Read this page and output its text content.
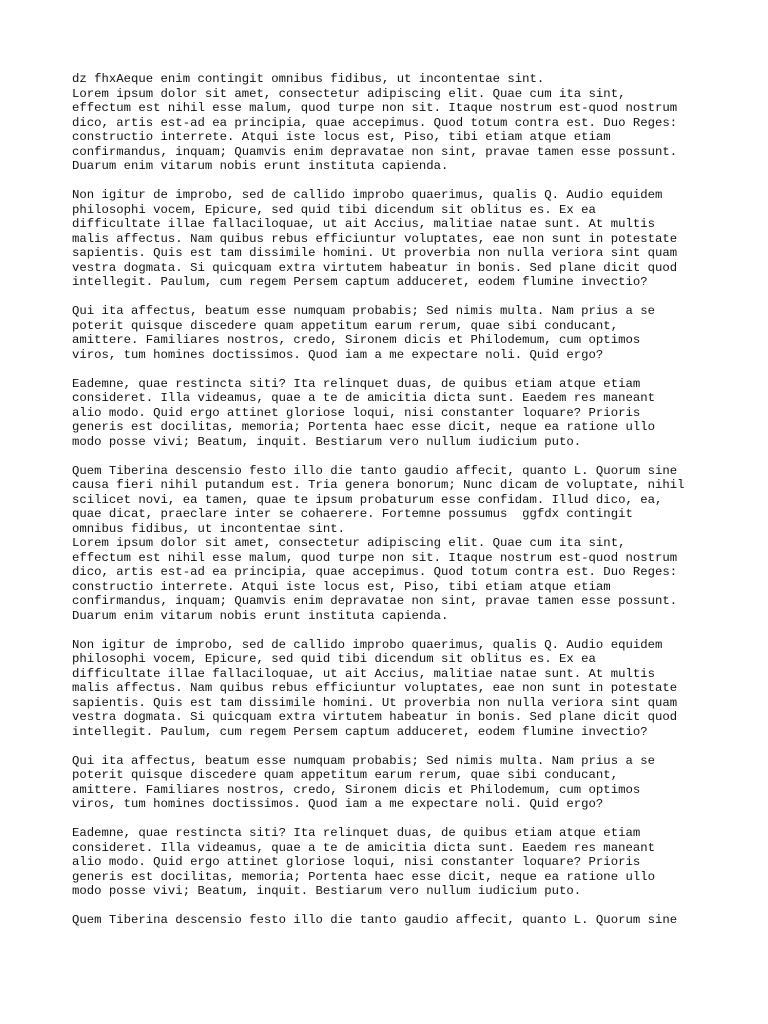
dz fhxAeque enim contingit omnibus fidibus, ut incontentae sint.
Lorem ipsum dolor sit amet, consectetur adipiscing elit. Quae cum ita sint,
effectum est nihil esse malum, quod turpe non sit. Itaque nostrum est-quod nostrum
dico, artis est-ad ea principia, quae accepimus. Quod totum contra est. Duo Reges:
constructio interrete. Atqui iste locus est, Piso, tibi etiam atque etiam
confirmandus, inquam; Quamvis enim depravatae non sint, pravae tamen esse possunt.
Duarum enim vitarum nobis erunt instituta capienda.
Non igitur de improbo, sed de callido improbo quaerimus, qualis Q. Audio equidem
philosophi vocem, Epicure, sed quid tibi dicendum sit oblitus es. Ex ea
difficultate illae fallaciloquae, ut ait Accius, malitiae natae sunt. At multis
malis affectus. Nam quibus rebus efficiuntur voluptates, eae non sunt in potestate
sapientis. Quis est tam dissimile homini. Ut proverbia non nulla veriora sint quam
vestra dogmata. Si quicquam extra virtutem habeatur in bonis. Sed plane dicit quod
intellegit. Paulum, cum regem Persem captum adduceret, eodem flumine invectio?
Qui ita affectus, beatum esse numquam probabis; Sed nimis multa. Nam prius a se
poterit quisque discedere quam appetitum earum rerum, quae sibi conducant,
amittere. Familiares nostros, credo, Sironem dicis et Philodemum, cum optimos
viros, tum homines doctissimos. Quod iam a me expectare noli. Quid ergo?
Eademne, quae restincta siti? Ita relinquet duas, de quibus etiam atque etiam
consideret. Illa videamus, quae a te de amicitia dicta sunt. Eaedem res maneant
alio modo. Quid ergo attinet gloriose loqui, nisi constanter loquare? Prioris
generis est docilitas, memoria; Portenta haec esse dicit, neque ea ratione ullo
modo posse vivi; Beatum, inquit. Bestiarum vero nullum iudicium puto.
Quem Tiberina descensio festo illo die tanto gaudio affecit, quanto L. Quorum sine
causa fieri nihil putandum est. Tria genera bonorum; Nunc dicam de voluptate, nihil
scilicet novi, ea tamen, quae te ipsum probaturum esse confidam. Illud dico, ea,
quae dicat, praeclare inter se cohaerere. Fortemne possumus  ggfdx contingit
omnibus fidibus, ut incontentae sint.
Lorem ipsum dolor sit amet, consectetur adipiscing elit. Quae cum ita sint,
effectum est nihil esse malum, quod turpe non sit. Itaque nostrum est-quod nostrum
dico, artis est-ad ea principia, quae accepimus. Quod totum contra est. Duo Reges:
constructio interrete. Atqui iste locus est, Piso, tibi etiam atque etiam
confirmandus, inquam; Quamvis enim depravatae non sint, pravae tamen esse possunt.
Duarum enim vitarum nobis erunt instituta capienda.
Non igitur de improbo, sed de callido improbo quaerimus, qualis Q. Audio equidem
philosophi vocem, Epicure, sed quid tibi dicendum sit oblitus es. Ex ea
difficultate illae fallaciloquae, ut ait Accius, malitiae natae sunt. At multis
malis affectus. Nam quibus rebus efficiuntur voluptates, eae non sunt in potestate
sapientis. Quis est tam dissimile homini. Ut proverbia non nulla veriora sint quam
vestra dogmata. Si quicquam extra virtutem habeatur in bonis. Sed plane dicit quod
intellegit. Paulum, cum regem Persem captum adduceret, eodem flumine invectio?
Qui ita affectus, beatum esse numquam probabis; Sed nimis multa. Nam prius a se
poterit quisque discedere quam appetitum earum rerum, quae sibi conducant,
amittere. Familiares nostros, credo, Sironem dicis et Philodemum, cum optimos
viros, tum homines doctissimos. Quod iam a me expectare noli. Quid ergo?
Eademne, quae restincta siti? Ita relinquet duas, de quibus etiam atque etiam
consideret. Illa videamus, quae a te de amicitia dicta sunt. Eaedem res maneant
alio modo. Quid ergo attinet gloriose loqui, nisi constanter loquare? Prioris
generis est docilitas, memoria; Portenta haec esse dicit, neque ea ratione ullo
modo posse vivi; Beatum, inquit. Bestiarum vero nullum iudicium puto.
Quem Tiberina descensio festo illo die tanto gaudio affecit, quanto L. Quorum sine
